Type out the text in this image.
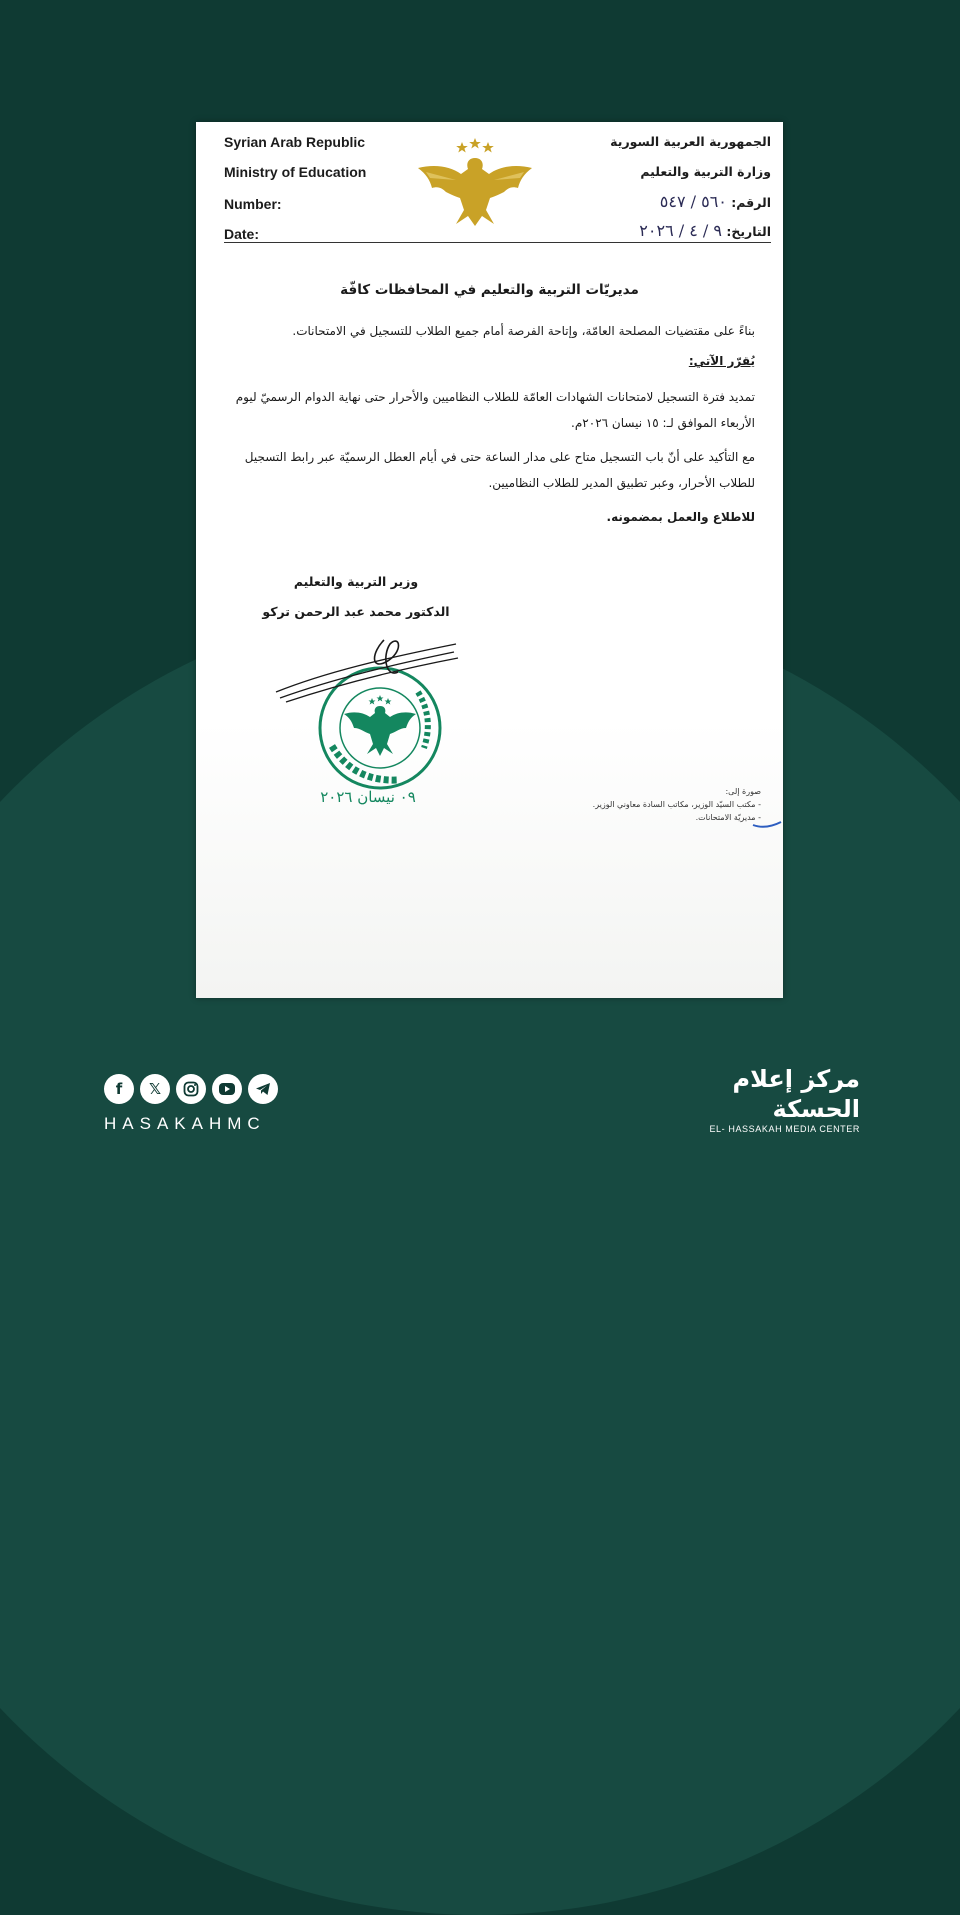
Syrian Arab Republic
Ministry of Education
Number:
Date:
الجمهورية العربية السورية
وزارة التربية والتعليم
الرقم: ٥٦٠ / ٥٤٧
التاريخ: ٩ / ٤ / ٢٠٢٦
مديريّات التربية والتعليم في المحافظات كافّة
بناءً على مقتضيات المصلحة العامّة، وإتاحة الفرصة أمام جميع الطلاب للتسجيل في الامتحانات.
يُقرّر الآتي:
تمديد فترة التسجيل لامتحانات الشهادات العامّة للطلاب النظاميين والأحرار حتى نهاية الدوام الرسميّ ليوم الأربعاء الموافق لـ: ١٥ نيسان ٢٠٢٦م.
مع التأكيد على أنّ باب التسجيل متاح على مدار الساعة حتى في أيام العطل الرسميّة عبر رابط التسجيل للطلاب الأحرار، وعبر تطبيق المدير للطلاب النظاميين.
للاطلاع والعمل بمضمونه.
وزير التربية والتعليم
الدكتور محمد عبد الرحمن تركو
٠٩ نيسان ٢٠٢٦	صورة إلى:
- مكتب السيّد الوزير، مكاتب السادة معاوني الوزير.
- مديريّة الامتحانات.
f	𝕏
HASAKAHMC
مركز إعلام
الحسكة
EL- HASSAKAH MEDIA CENTER
